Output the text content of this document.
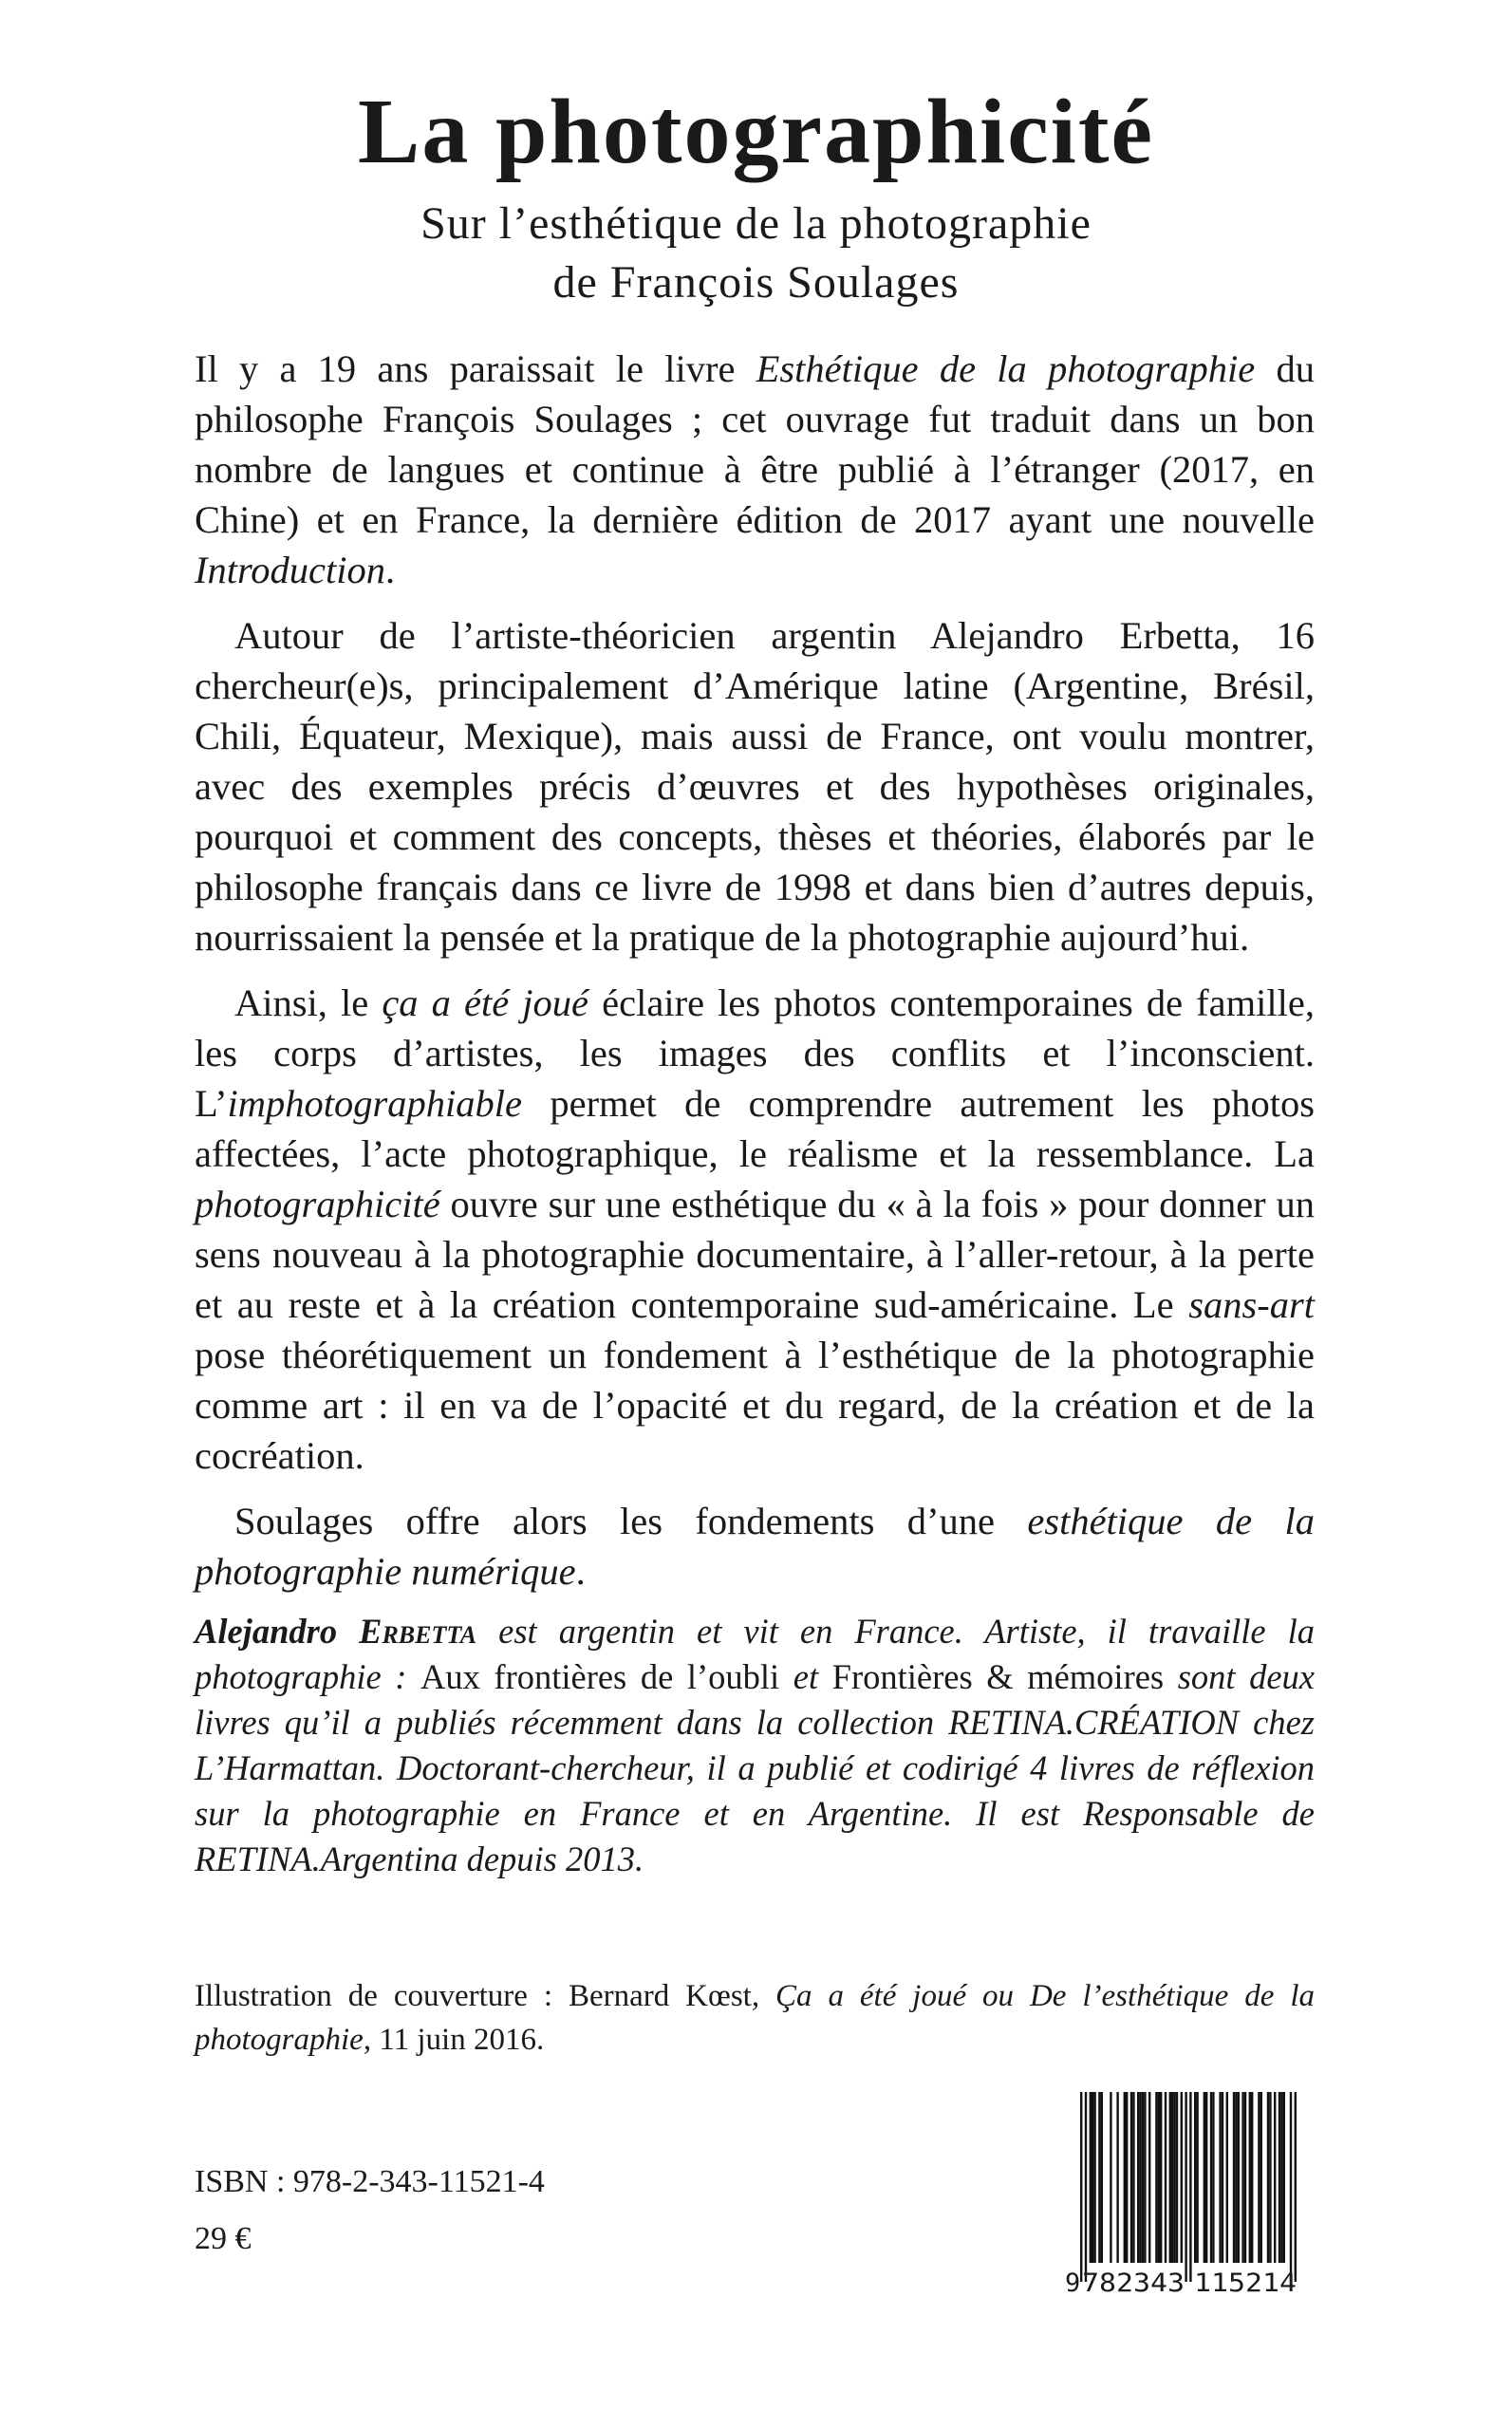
La photographicité
Sur l’esthétique de la photographie
de François Soulages

Il y a 19 ans paraissait le livre Esthétique de la photographie du philosophe François Soulages ; cet ouvrage fut traduit dans un bon nombre de langues et continue à être publié à l’étranger (2017, en Chine) et en France, la dernière édition de 2017 ayant une nouvelle Introduction.

Autour de l’artiste-théoricien argentin Alejandro Erbetta, 16 chercheur(e)s, principalement d’Amérique latine (Argentine, Brésil, Chili, Équateur, Mexique), mais aussi de France, ont voulu montrer, avec des exemples précis d’œuvres et des hypothèses originales, pourquoi et comment des concepts, thèses et théories, élaborés par le philosophe français dans ce livre de 1998 et dans bien d’autres depuis, nourrissaient la pensée et la pratique de la photographie aujourd’hui.

Ainsi, le ça a été joué éclaire les photos contemporaines de famille, les corps d’artistes, les images des conflits et l’inconscient. L’imphotographiable permet de comprendre autrement les photos affectées, l’acte photographique, le réalisme et la ressemblance. La photographicité ouvre sur une esthétique du « à la fois » pour donner un sens nouveau à la photographie documentaire, à l’aller-retour, à la perte et au reste et à la création contemporaine sud-américaine. Le sans-art pose théorétiquement un fondement à l’esthétique de la photographie comme art : il en va de l’opacité et du regard, de la création et de la cocréation.

Soulages offre alors les fondements d’une esthétique de la photographie numérique.

Alejandro Erbetta est argentin et vit en France. Artiste, il travaille la photographie : Aux frontières de l’oubli et Frontières & mémoires sont deux livres qu’il a publiés récemment dans la collection RETINA.CRÉATION chez L’Harmattan. Doctorant-chercheur, il a publié et codirigé 4 livres de réflexion sur la photographie en France et en Argentine. Il est Responsable de RETINA.Argentina depuis 2013.

Illustration de couverture : Bernard Kœst, Ça a été joué ou De l’esthétique de la photographie, 11 juin 2016.

ISBN : 978-2-343-11521-4
29 €
9 782343 115214
